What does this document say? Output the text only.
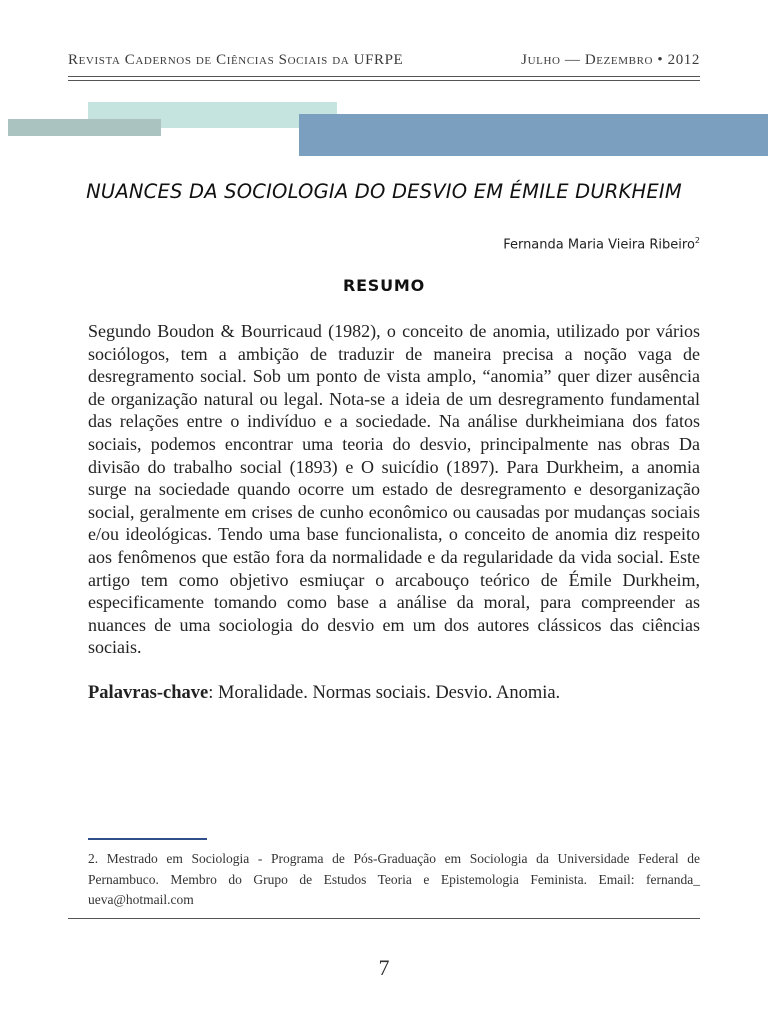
Revista Cadernos de Ciências Sociais da UFRPE	Julho — Dezembro • 2012
NUANCES DA SOCIOLOGIA DO DESVIO EM ÉMILE DURKHEIM
Fernanda Maria Vieira Ribeiro$^2$
RESUMO

Segundo Boudon & Bourricaud (1982), o conceito de anomia, utilizado por vários sociólogos, tem a ambição de traduzir de maneira precisa a noção vaga de desregramento social. Sob um ponto de vista amplo, “anomia” quer dizer ausência de organização natural ou legal. Nota-se a ideia de um desregramento fundamental das relações entre o indivíduo e a sociedade. Na análise durkheimiana dos fatos sociais, podemos encontrar uma teoria do desvio, principalmente nas obras Da divisão do trabalho social (1893) e O suicídio (1897). Para Durkheim, a anomia surge na sociedade quando ocorre um estado de desregramento e desorganização social, geralmente em crises de cunho econômico ou causadas por mudanças sociais e/ou ideológicas. Tendo uma base funcionalista, o conceito de anomia diz respeito aos fenômenos que estão fora da normalidade e da regularidade da vida social. Este artigo tem como objetivo esmiuçar o arcabouço teórico de Émile Durkheim, especificamente tomando como base a análise da moral, para compreender as nuances de uma sociologia do desvio em um dos autores clássicos das ciências sociais.

Palavras-chave: Moralidade. Normas sociais. Desvio. Anomia.

2. Mestrado em Sociologia - Programa de Pós-Graduação em Sociologia da Universidade Federal de Pernambuco. Membro do Grupo de Estudos Teoria e Epistemologia Feminista. Email: fernanda_ ueva@hotmail.com

7
